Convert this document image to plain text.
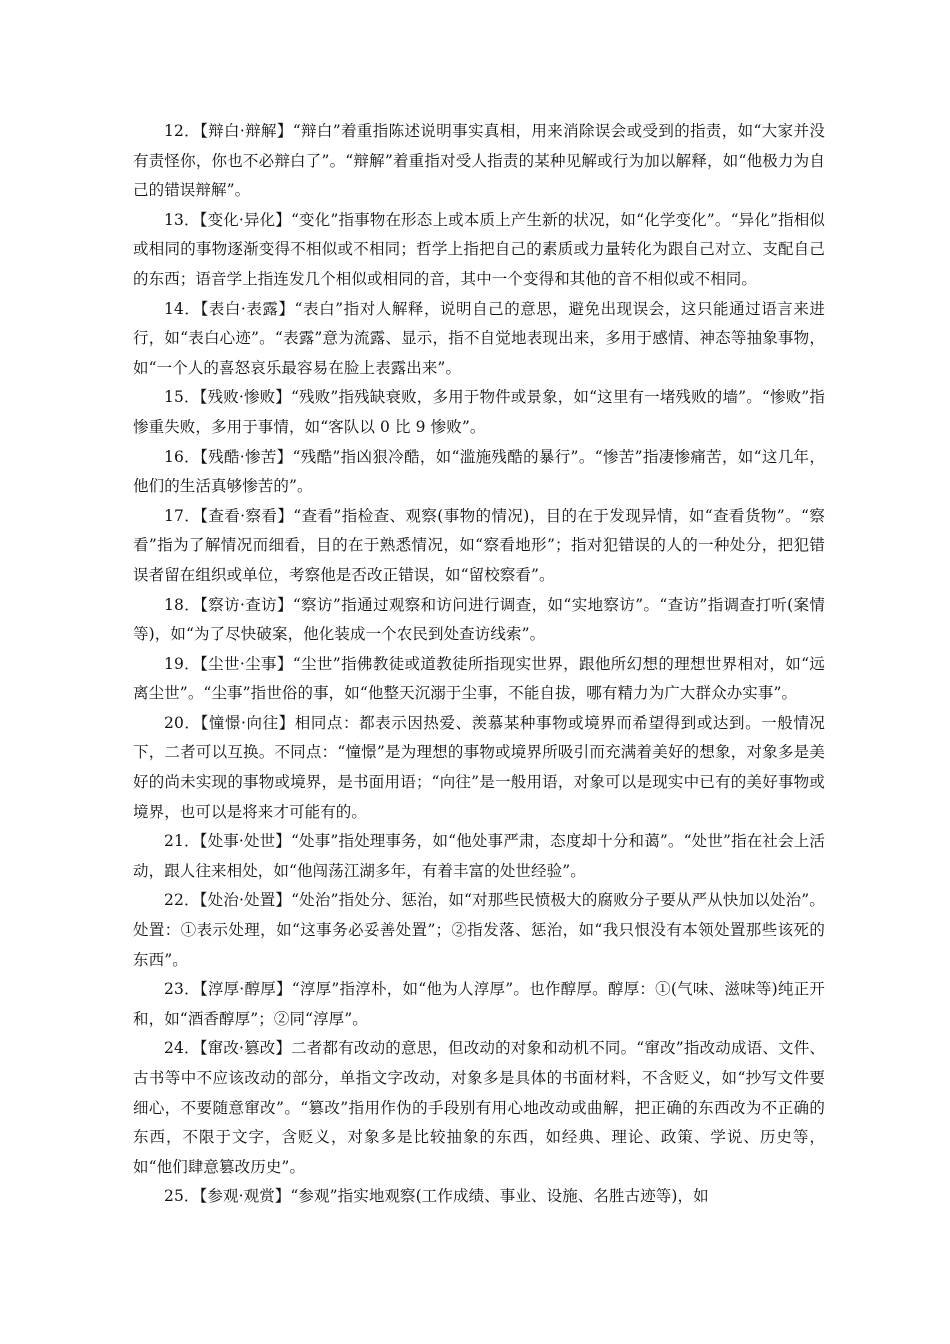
12．【辩白·辩解】“辩白”着重指陈述说明事实真相，用来消除误会或受到的指责，如“大家并没有责怪你，你也不必辩白了”。“辩解”着重指对受人指责的某种见解或行为加以解释，如“他极力为自己的错误辩解”。

13．【变化·异化】“变化”指事物在形态上或本质上产生新的状况，如“化学变化”。“异化”指相似或相同的事物逐渐变得不相似或不相同；哲学上指把自己的素质或力量转化为跟自己对立、支配自己的东西；语音学上指连发几个相似或相同的音，其中一个变得和其他的音不相似或不相同。

14．【表白·表露】“表白”指对人解释，说明自己的意思，避免出现误会，这只能通过语言来进行，如“表白心迹”。“表露”意为流露、显示，指不自觉地表现出来，多用于感情、神态等抽象事物，如“一个人的喜怒哀乐最容易在脸上表露出来”。

15．【残败·惨败】“残败”指残缺衰败，多用于物件或景象，如“这里有一堵残败的墙”。“惨败”指惨重失败，多用于事情，如“客队以 0 比 9 惨败”。

16．【残酷·惨苦】“残酷”指凶狠冷酷，如“滥施残酷的暴行”。“惨苦”指凄惨痛苦，如“这几年，他们的生活真够惨苦的”。

17．【查看·察看】“查看”指检查、观察(事物的情况)，目的在于发现异情，如“查看货物”。“察看”指为了解情况而细看，目的在于熟悉情况，如“察看地形”；指对犯错误的人的一种处分，把犯错误者留在组织或单位，考察他是否改正错误，如“留校察看”。

18．【察访·查访】“察访”指通过观察和访问进行调查，如“实地察访”。“查访”指调查打听(案情等)，如“为了尽快破案，他化装成一个农民到处查访线索”。

19．【尘世·尘事】“尘世”指佛教徒或道教徒所指现实世界，跟他所幻想的理想世界相对，如“远离尘世”。“尘事”指世俗的事，如“他整天沉溺于尘事，不能自拔，哪有精力为广大群众办实事”。

20．【憧憬·向往】相同点：都表示因热爱、羡慕某种事物或境界而希望得到或达到。一般情况下，二者可以互换。不同点：“憧憬”是为理想的事物或境界所吸引而充满着美好的想象，对象多是美好的尚未实现的事物或境界，是书面用语；“向往”是一般用语，对象可以是现实中已有的美好事物或境界，也可以是将来才可能有的。

21．【处事·处世】“处事”指处理事务，如“他处事严肃，态度却十分和蔼”。“处世”指在社会上活动，跟人往来相处，如“他闯荡江湖多年，有着丰富的处世经验”。

22．【处治·处置】“处治”指处分、惩治，如“对那些民愤极大的腐败分子要从严从快加以处治”。处置：①表示处理，如“这事务必妥善处置”；②指发落、惩治，如“我只恨没有本领处置那些该死的东西”。

23．【淳厚·醇厚】“淳厚”指淳朴，如“他为人淳厚”。也作醇厚。醇厚：①(气味、滋味等)纯正开和，如“酒香醇厚”；②同“淳厚”。

24．【窜改·篡改】二者都有改动的意思，但改动的对象和动机不同。“窜改”指改动成语、文件、古书等中不应该改动的部分，单指文字改动，对象多是具体的书面材料，不含贬义，如“抄写文件要细心，不要随意窜改”。“篡改”指用作伪的手段别有用心地改动或曲解，把正确的东西改为不正确的东西，不限于文字，含贬义，对象多是比较抽象的东西，如经典、理论、政策、学说、历史等，如“他们肆意篡改历史”。

25．【参观·观赏】“参观”指实地观察(工作成绩、事业、设施、名胜古迹等)，如
